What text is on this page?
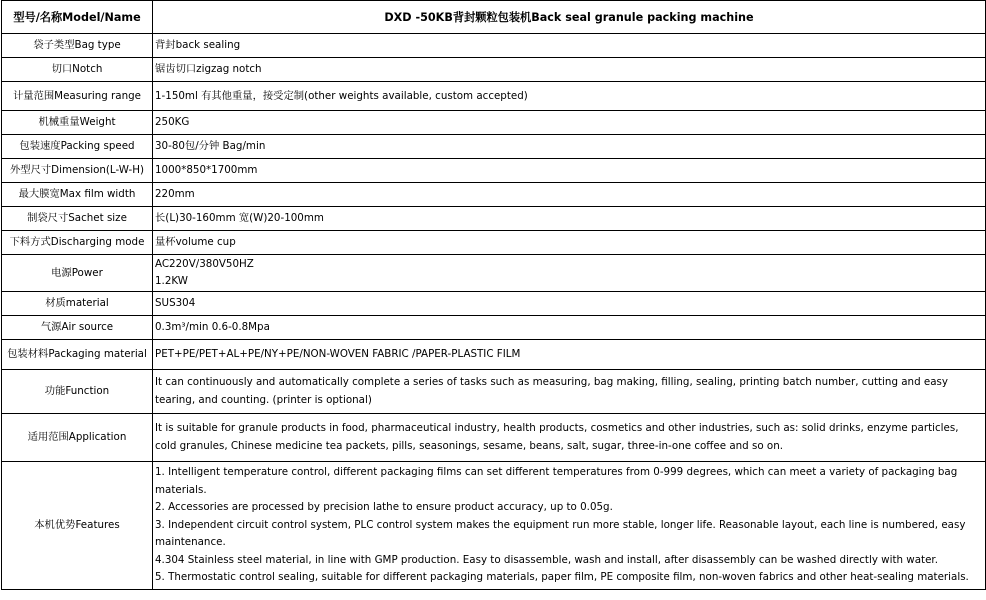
型号/名称Model/Name	DXD -50KB背封颗粒包装机Back seal granule packing machine
袋子类型Bag type	背封back sealing
切口Notch	锯齿切口zigzag notch
计量范围Measuring range	1-150ml 有其他重量，接受定制(other weights available, custom accepted)
机械重量Weight	250KG
包装速度Packing speed	30-80包/分钟 Bag/min
外型尺寸Dimension(L-W-H)	1000*850*1700mm
最大膜宽Max film width	220mm
制袋尺寸Sachet size	长(L)30-160mm 宽(W)20-100mm
下料方式Discharging mode	量杯volume cup
电源Power	AC220V/380V50HZ
1.2KW

材质material	SUS304
气源Air source	0.3m³/min 0.6-0.8Mpa
包装材料Packaging material	PET+PE/PET+AL+PE/NY+PE/NON-WOVEN FABRIC /PAPER-PLASTIC FILM
功能Function	It can continuously and automatically complete a series of tasks such as measuring, bag making, filling, sealing, printing batch number, cutting and easy tearing, and counting. (printer is optional)
适用范围Application	It is suitable for granule products in food, pharmaceutical industry, health products, cosmetics and other industries, such as: solid drinks, enzyme particles, cold granules, Chinese medicine tea packets, pills, seasonings, sesame, beans, salt, sugar, three-in-one coffee and so on.
本机优势Features	1. Intelligent temperature control, different packaging films can set different temperatures from 0-999 degrees, which can meet a variety of packaging bag materials.
2. Accessories are processed by precision lathe to ensure product accuracy, up to 0.05g.
3. Independent circuit control system, PLC control system makes the equipment run more stable, longer life. Reasonable layout, each line is numbered, easy maintenance.
4.304 Stainless steel material, in line with GMP production. Easy to disassemble, wash and install, after disassembly can be washed directly with water.
5. Thermostatic control sealing, suitable for different packaging materials, paper film, PE composite film, non-woven fabrics and other heat-sealing materials.
